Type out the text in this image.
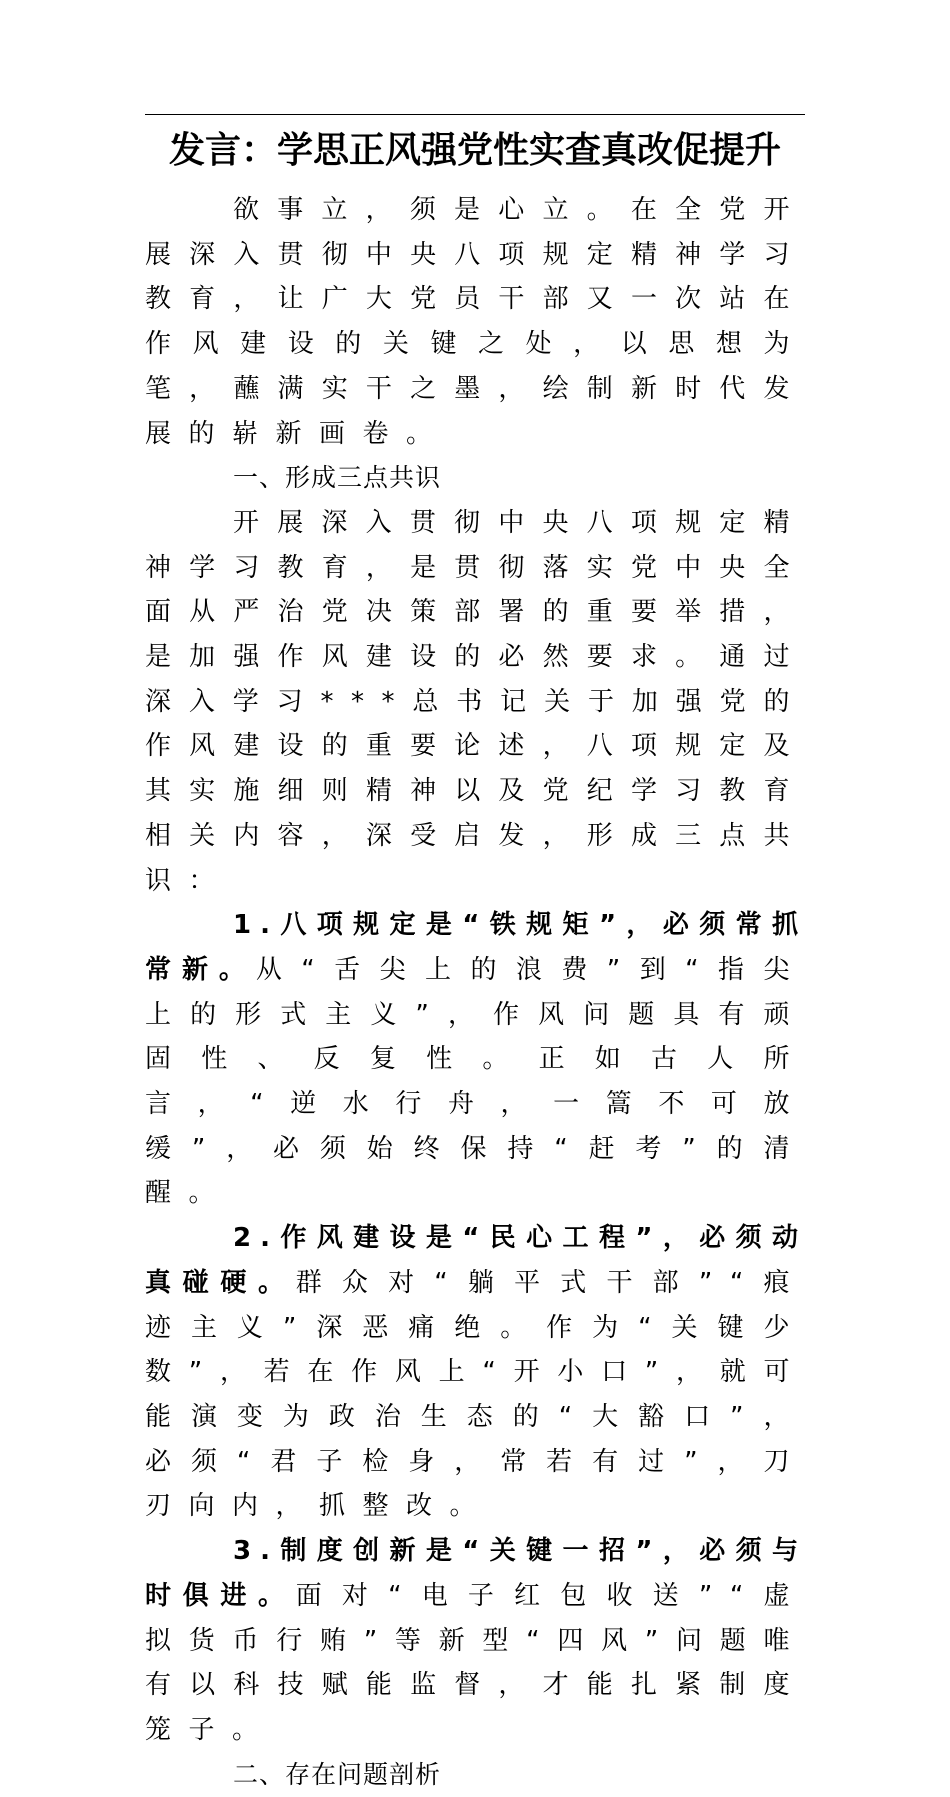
发言：学思正风强党性实查真改促提升

欲事立，须是心立。在全党开展深入贯彻中央八项规定精神学习教育，让广大党员干部又一次站在作风建设的关键之处，以思想为笔，蘸满实干之墨，绘制新时代发展的崭新画卷。

一、形成三点共识

开展深入贯彻中央八项规定精神学习教育，是贯彻落实党中央全面从严治党决策部署的重要举措，是加强作风建设的必然要求。通过深入学习***总书记关于加强党的作风建设的重要论述，八项规定及其实施细则精神以及党纪学习教育相关内容，深受启发，形成三点共识：

1.八项规定是“铁规矩”，必须常抓常新。从“舌尖上的浪费”到“指尖上的形式主义”，作风问题具有顽固性、反复性。正如古人所言，“逆水行舟，一篙不可放缓”，必须始终保持“赶考”的清醒。

2.作风建设是“民心工程”，必须动真碰硬。群众对“躺平式干部”“痕迹主义”深恶痛绝。作为“关键少数”，若在作风上“开小口”，就可能演变为政治生态的“大豁口”，必须“君子检身，常若有过”，刀刃向内，抓整改。

3.制度创新是“关键一招”，必须与时俱进。面对“电子红包收送”“虚拟货币行贿”等新型“四风”问题唯有以科技赋能监督，才能扎紧制度笼子。

二、存在问题剖析
